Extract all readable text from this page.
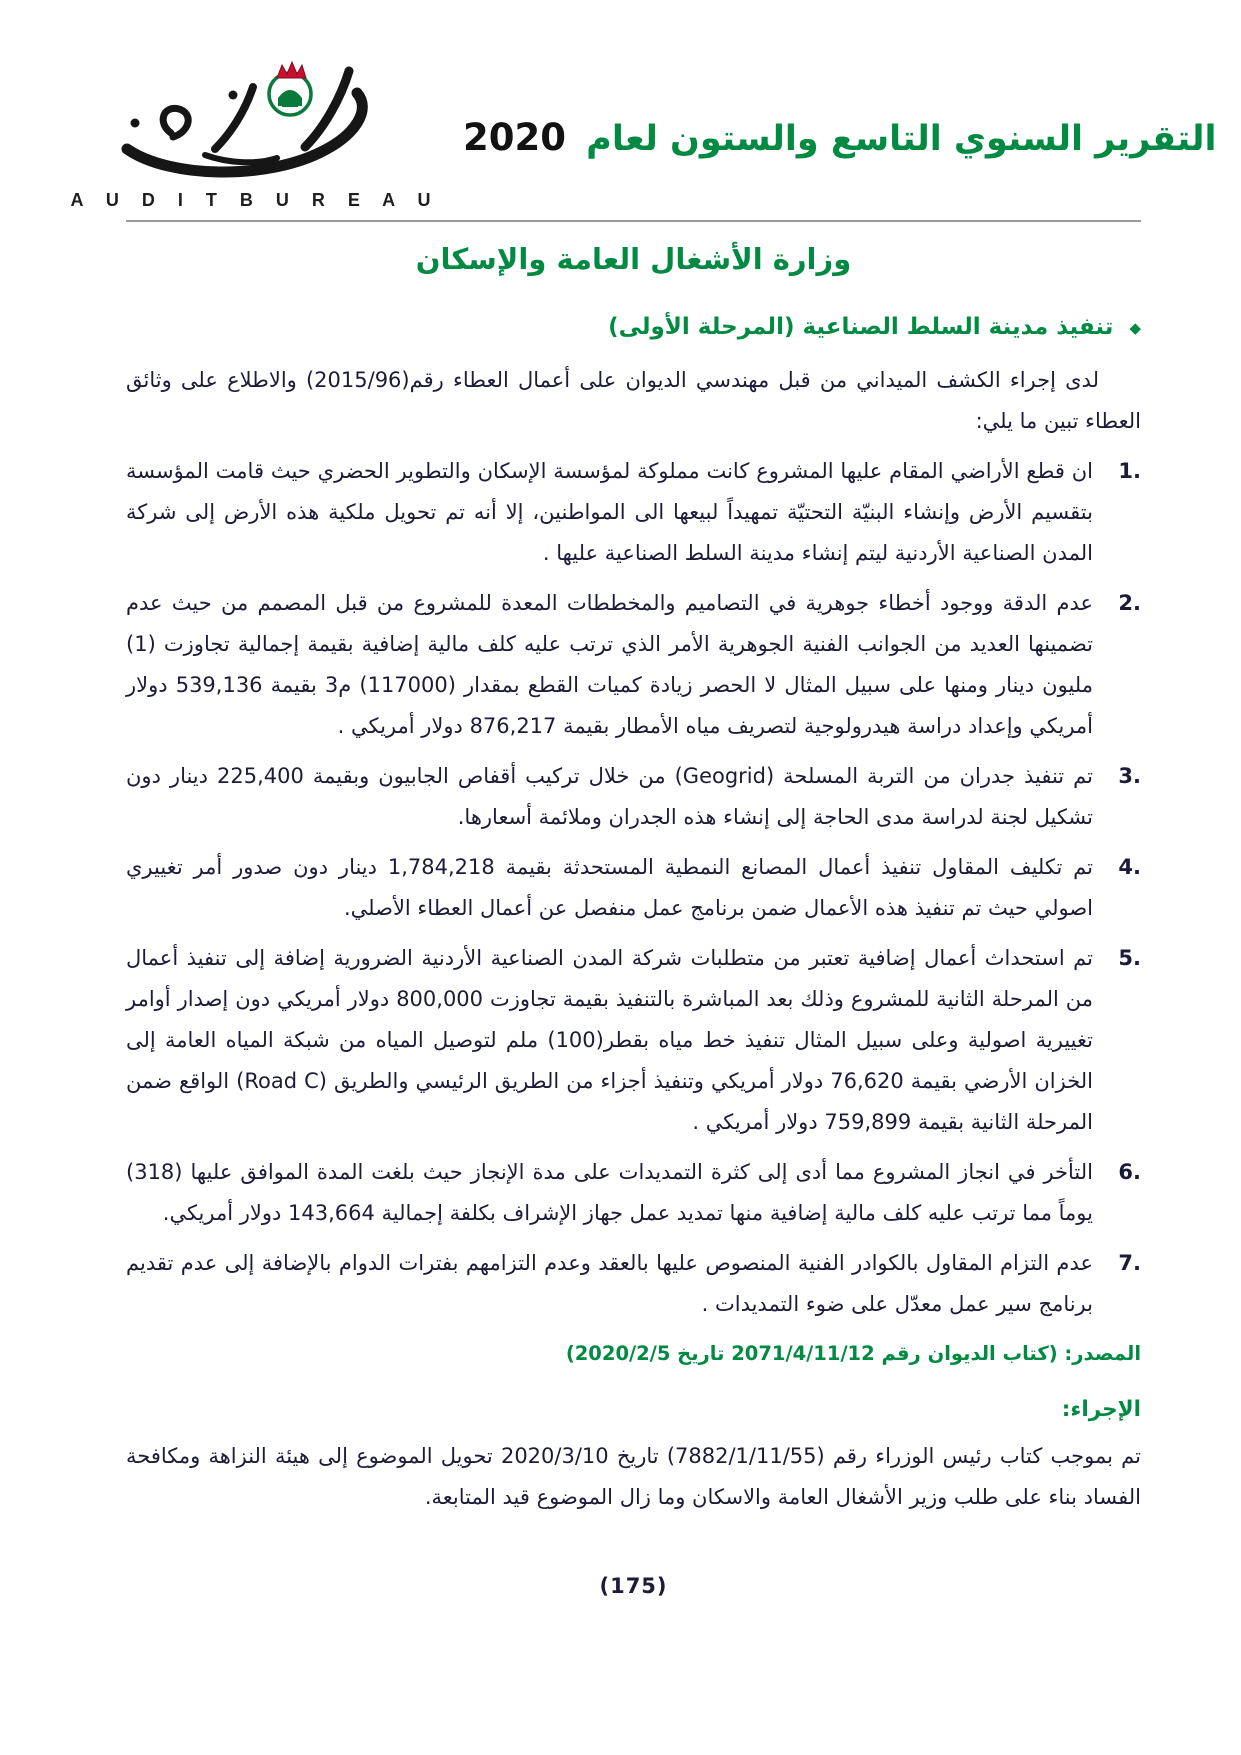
A U D I T B U R E A U
التقرير السنوي التاسع والستون لعام 2020
وزارة الأشغال العامة والإسكان
◆
تنفيذ مدينة السلط الصناعية (المرحلة الأولى)

لدى إجراء الكشف الميداني من قبل مهندسي الديوان على أعمال العطاء رقم(2015/96) والاطلاع على وثائق العطاء تبين ما يلي:

1.
ان قطع الأراضي المقام عليها المشروع كانت مملوكة لمؤسسة الإسكان والتطوير الحضري حيث قامت المؤسسة بتقسيم الأرض وإنشاء البنيّة التحتيّة تمهيداً لبيعها الى المواطنين، إلا أنه تم تحويل ملكية هذه الأرض إلى شركة المدن الصناعية الأردنية ليتم إنشاء مدينة السلط الصناعية عليها .
2.
عدم الدقة ووجود أخطاء جوهرية في التصاميم والمخططات المعدة للمشروع من قبل المصمم من حيث عدم تضمينها العديد من الجوانب الفنية الجوهرية الأمر الذي ترتب عليه كلف مالية إضافية بقيمة إجمالية تجاوزت (1) مليون دينار ومنها على سبيل المثال لا الحصر زيادة كميات القطع بمقدار (117000) م3 بقيمة 539,136 دولار أمريكي وإعداد دراسة هيدرولوجية لتصريف مياه الأمطار بقيمة 876,217 دولار أمريكي .
3.
تم تنفيذ جدران من التربة المسلحة (Geogrid) من خلال تركيب أقفاص الجابيون وبقيمة 225,400 دينار دون تشكيل لجنة لدراسة مدى الحاجة إلى إنشاء هذه الجدران وملائمة أسعارها.
4.
تم تكليف المقاول تنفيذ أعمال المصانع النمطية المستحدثة بقيمة 1,784,218 دينار دون صدور أمر تغييري اصولي حيث تم تنفيذ هذه الأعمال ضمن برنامج عمل منفصل عن أعمال العطاء الأصلي.
5.
تم استحداث أعمال إضافية تعتبر من متطلبات شركة المدن الصناعية الأردنية الضرورية إضافة إلى تنفيذ أعمال من المرحلة الثانية للمشروع وذلك بعد المباشرة بالتنفيذ بقيمة تجاوزت 800,000 دولار أمريكي دون إصدار أوامر تغييرية اصولية وعلى سبيل المثال تنفيذ خط مياه بقطر(100) ملم لتوصيل المياه من شبكة المياه العامة إلى الخزان الأرضي بقيمة 76,620 دولار أمريكي وتنفيذ أجزاء من الطريق الرئيسي والطريق (Road C) الواقع ضمن المرحلة الثانية بقيمة 759,899 دولار أمريكي .
6.
التأخر في انجاز المشروع مما أدى إلى كثرة التمديدات على مدة الإنجاز حيث بلغت المدة الموافق عليها (318) يوماً مما ترتب عليه كلف مالية إضافية منها تمديد عمل جهاز الإشراف بكلفة إجمالية 143,664 دولار أمريكي.
7.
عدم التزام المقاول بالكوادر الفنية المنصوص عليها بالعقد وعدم التزامهم بفترات الدوام بالإضافة إلى عدم تقديم برنامج سير عمل معدّل على ضوء التمديدات .

المصدر: (كتاب الديوان رقم 2071/4/11/12 تاريخ 2020/2/5)

الإجراء:

تم بموجب كتاب رئيس الوزراء رقم (7882/1/11/55) تاريخ 2020/3/10 تحويل الموضوع إلى هيئة النزاهة ومكافحة الفساد بناء على طلب وزير الأشغال العامة والاسكان وما زال الموضوع قيد المتابعة.

(175)
